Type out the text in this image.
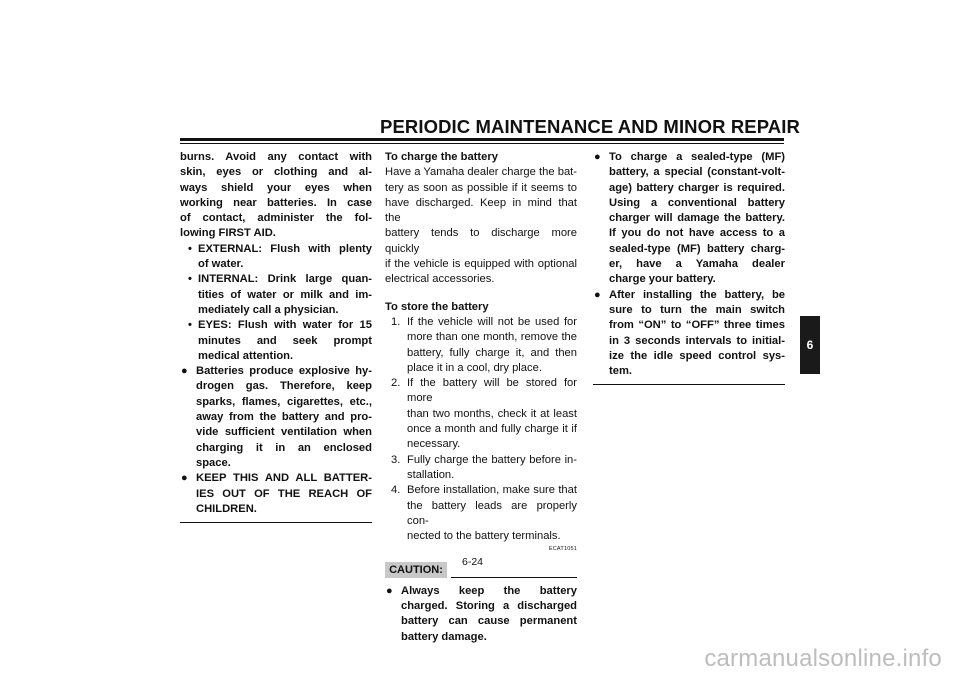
PERIODIC MAINTENANCE AND MINOR REPAIR
burns. Avoid any contact with
skin, eyes or clothing and al-
ways shield your eyes when
working near batteries. In case
of contact, administer the fol-
lowing FIRST AID.
• EXTERNAL: Flush with plenty
of water.
• INTERNAL: Drink large quan-
tities of water or milk and im-
mediately call a physician.
• EYES: Flush with water for 15
minutes and seek prompt
medical attention.
● Batteries produce explosive hy-
drogen gas. Therefore, keep
sparks, flames, cigarettes, etc.,
away from the battery and pro-
vide sufficient ventilation when
charging it in an enclosed
space.
● KEEP THIS AND ALL BATTER-
IES OUT OF THE REACH OF
CHILDREN.
To charge the battery
Have a Yamaha dealer charge the bat-
tery as soon as possible if it seems to
have discharged. Keep in mind that the
battery tends to discharge more quickly
if the vehicle is equipped with optional
electrical accessories.
To store the battery
1. If the vehicle will not be used for
more than one month, remove the
battery, fully charge it, and then
place it in a cool, dry place.
2. If the battery will be stored for more
than two months, check it at least
once a month and fully charge it if
necessary.
3. Fully charge the battery before in-
stallation.
4. Before installation, make sure that
the battery leads are properly con-
nected to the battery terminals.
ECAT1051
CAUTION:
● Always keep the battery
charged. Storing a discharged
battery can cause permanent
battery damage.
● To charge a sealed-type (MF)
battery, a special (constant-volt-
age) battery charger is required.
Using a conventional battery
charger will damage the battery.
If you do not have access to a
sealed-type (MF) battery charg-
er, have a Yamaha dealer
charge your battery.
● After installing the battery, be
sure to turn the main switch
from “ON” to “OFF” three times
in 3 seconds intervals to initial-
ize the idle speed control sys-
tem.
6
6-24
carmanualsonline.info
